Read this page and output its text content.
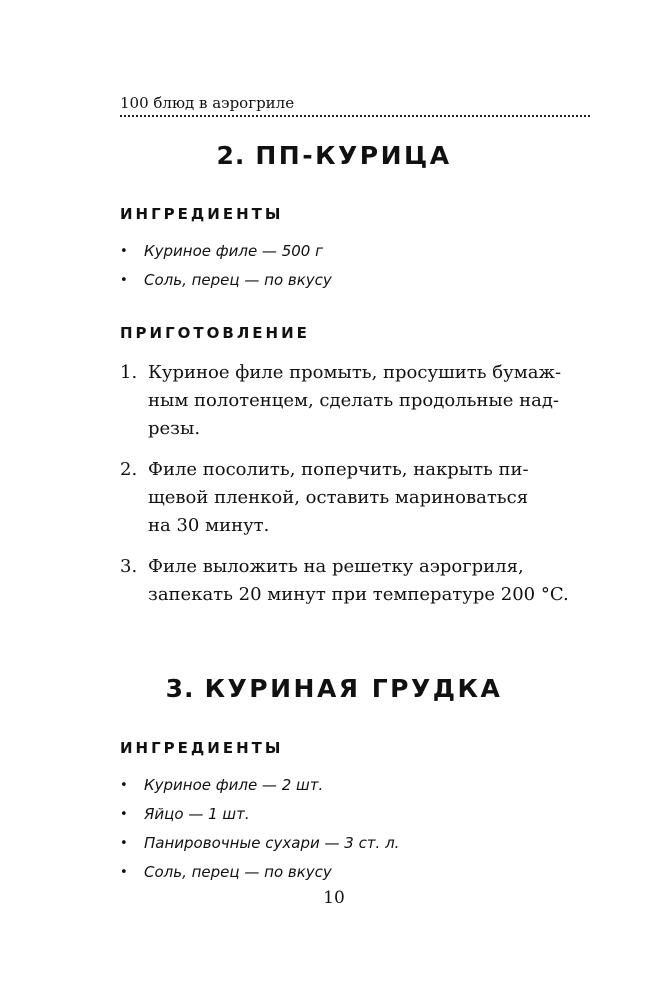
100 блюд в аэрогриле
2. ПП-КУРИЦА
ИНГРЕДИЕНТЫ
• Куриное филе — 500 г
• Соль, перец — по вкусу
ПРИГОТОВЛЕНИЕ
1. Куриное филе промыть, просушить бумаж-
ным полотенцем, сделать продольные над-
резы.
2. Филе посолить, поперчить, накрыть пи-
щевой пленкой, оставить мариноваться
на 30 минут.
3. Филе выложить на решетку аэрогриля,
запекать 20 минут при температуре 200 °C.
3. КУРИНАЯ ГРУДКА
ИНГРЕДИЕНТЫ
• Куриное филе — 2 шт.
• Яйцо — 1 шт.
• Панировочные сухари — 3 ст. л.
• Соль, перец — по вкусу
10
